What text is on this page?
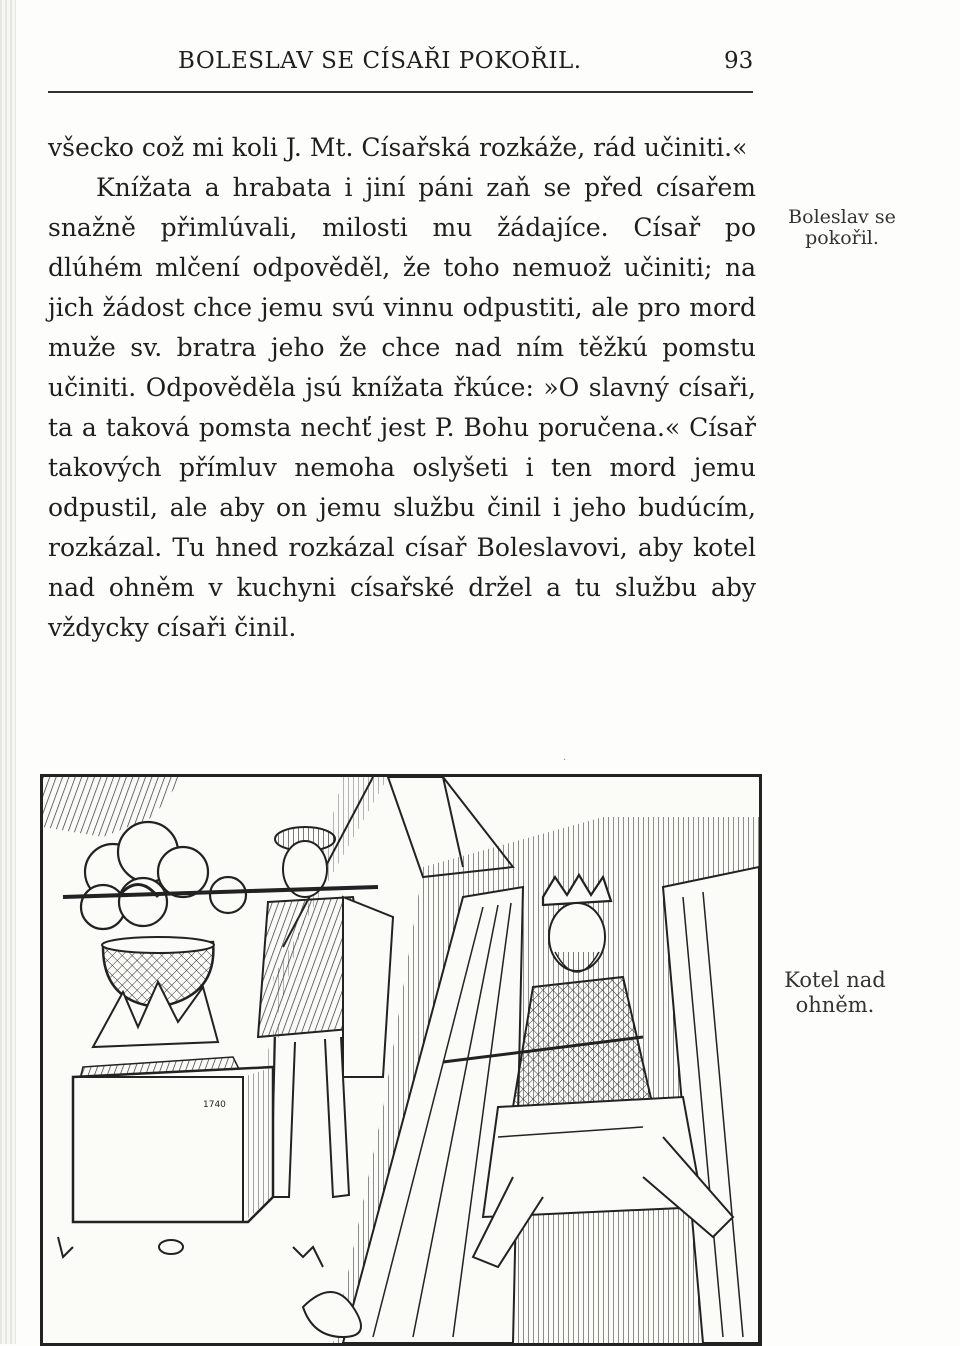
BOLESLAV SE CÍSAŘI POKOŘIL.	93

všecko což mi koli J. Mt. Císařská rozkáže, rád učiniti.«

Knížata a hrabata i jiní páni zaň se před císařem snažně přimlúvali, milosti mu žádajíce. Císař po dlúhém mlčení odpověděl, že toho nemuož učiniti; na jich žádost chce jemu svú vinnu odpustiti, ale pro mord muže sv. bratra jeho že chce nad ním těžkú pomstu učiniti. Odpověděla jsú knížata řkúce: »O slavný císaři, ta a taková pomsta nechť jest P. Bohu poručena.« Císař takových přímluv nemoha oslyšeti i ten mord jemu odpustil, ale aby on jemu službu činil i jeho budúcím, rozkázal. Tu hned rozkázal císař Boleslavovi, aby kotel nad ohněm v kuchyni císařské držel a tu službu aby vždycky císaři činil.

Boleslav se pokořil.
Kotel nad ohněm.
1740
·
